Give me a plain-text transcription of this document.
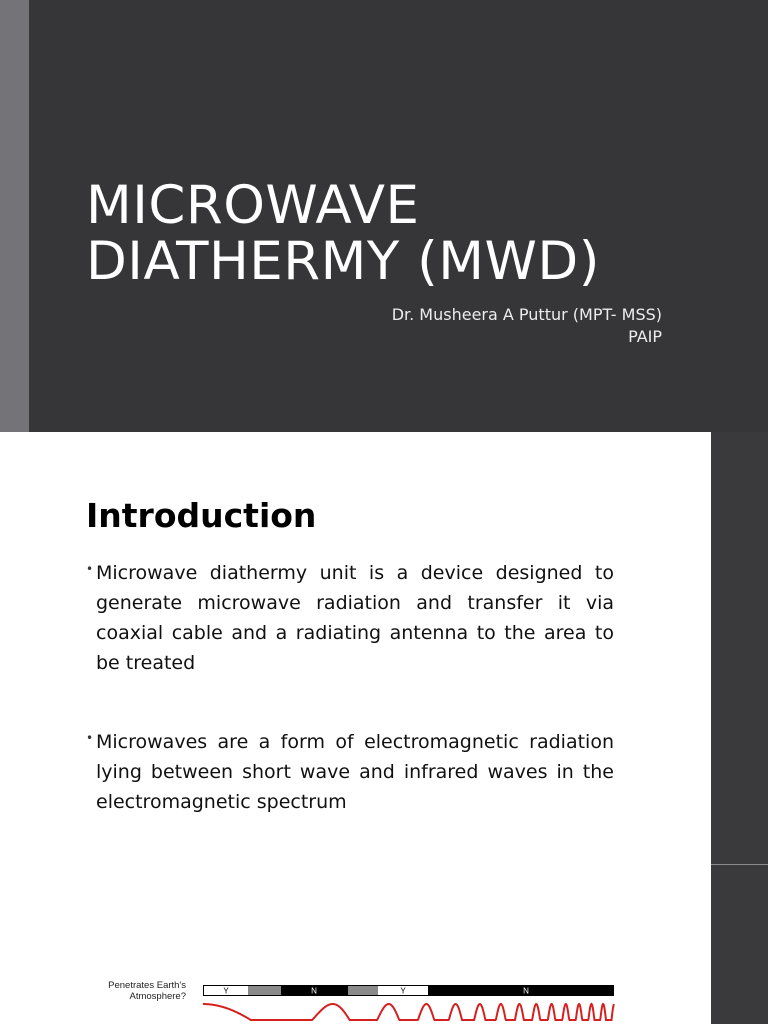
MICROWAVE
DIATHERMY (MWD)
Dr. Musheera A Puttur (MPT- MSS)
PAIP
Introduction
• Microwave diathermy unit is a device designed to generate microwave radiation and transfer it via coaxial cable and a radiating antenna to the area to be treated
• Microwaves are a form of electromagnetic radiation lying between short wave and infrared waves in the electromagnetic spectrum
Penetrates Earth's
Atmosphere?	Y	N	Y	N
